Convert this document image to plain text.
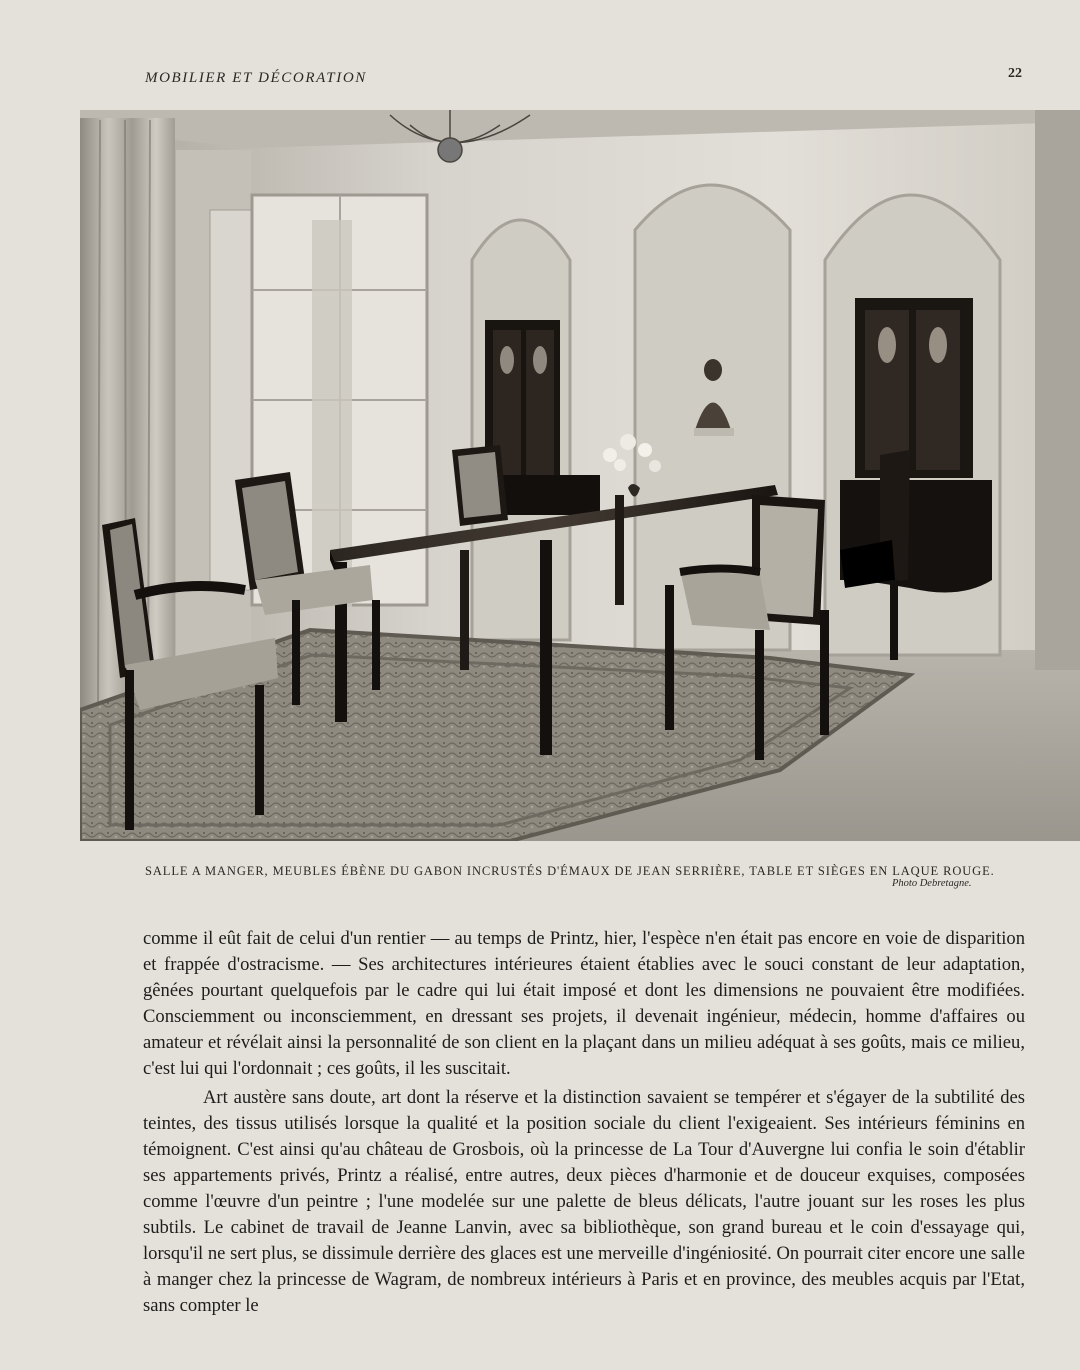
MOBILIER ET DÉCORATION	22
SALLE A MANGER, MEUBLES ÉBÈNE DU GABON INCRUSTÉS D'ÉMAUX DE JEAN SERRIÈRE, TABLE ET SIÈGES EN LAQUE ROUGE.
Photo Debretagne.

comme il eût fait de celui d'un rentier — au temps de Printz, hier, l'espèce n'en était pas encore en voie de disparition et frappée d'ostracisme. — Ses architectures intérieures étaient établies avec le souci constant de leur adaptation, gênées pourtant quelquefois par le cadre qui lui était imposé et dont les dimensions ne pouvaient être modifiées. Consciemment ou inconsciemment, en dressant ses projets, il devenait ingénieur, médecin, homme d'affaires ou amateur et révélait ainsi la personnalité de son client en la plaçant dans un milieu adéquat à ses goûts, mais ce milieu, c'est lui qui l'ordonnait ; ces goûts, il les suscitait.

Art austère sans doute, art dont la réserve et la distinction savaient se tempérer et s'égayer de la subtilité des teintes, des tissus utilisés lorsque la qualité et la position sociale du client l'exigeaient. Ses intérieurs féminins en témoignent. C'est ainsi qu'au château de Grosbois, où la princesse de La Tour d'Auvergne lui confia le soin d'établir ses appartements privés, Printz a réalisé, entre autres, deux pièces d'harmonie et de douceur exquises, composées comme l'œuvre d'un peintre ; l'une modelée sur une palette de bleus délicats, l'autre jouant sur les roses les plus subtils. Le cabinet de travail de Jeanne Lanvin, avec sa bibliothèque, son grand bureau et le coin d'essayage qui, lorsqu'il ne sert plus, se dissimule derrière des glaces est une merveille d'ingéniosité. On pourrait citer encore une salle à manger chez la princesse de Wagram, de nombreux intérieurs à Paris et en province, des meubles acquis par l'Etat, sans compter le
